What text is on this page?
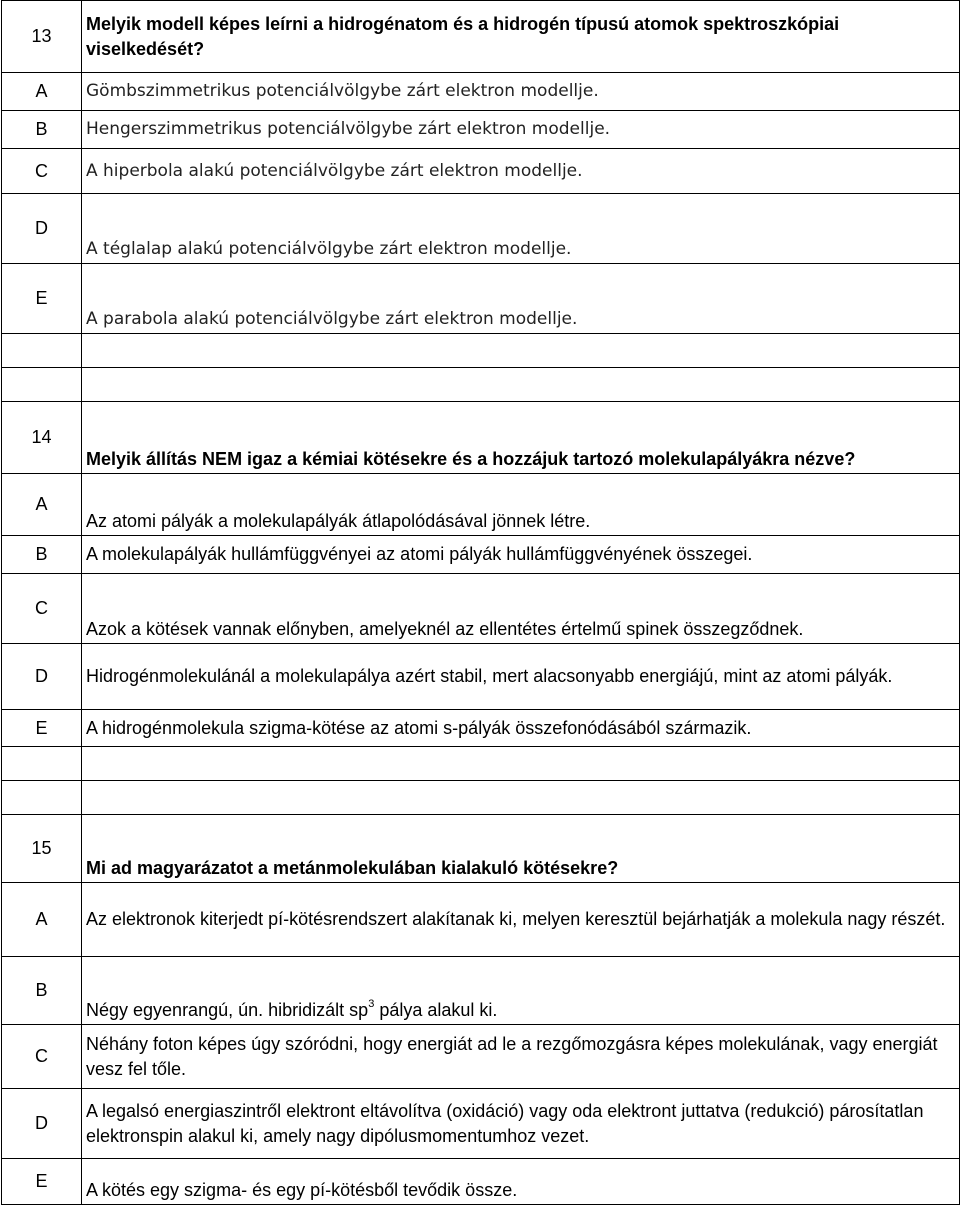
13	Melyik modell képes leírni a hidrogénatom és a hidrogén típusú atomok spektroszkópiai viselkedését?
A	Gömbszimmetrikus potenciálvölgybe zárt elektron modellje.
B	Hengerszimmetrikus potenciálvölgybe zárt elektron modellje.
C	A hiperbola alakú potenciálvölgybe zárt elektron modellje.
D	A téglalap alakú potenciálvölgybe zárt elektron modellje.
E	A parabola alakú potenciálvölgybe zárt elektron modellje.

14	Melyik állítás NEM igaz a kémiai kötésekre és a hozzájuk tartozó molekulapályákra nézve?
A	Az atomi pályák a molekulapályák átlapolódásával jönnek létre.
B	A molekulapályák hullámfüggvényei az atomi pályák hullámfüggvényének összegei.
C	Azok a kötések vannak előnyben, amelyeknél az ellentétes értelmű spinek összegződnek.
D	Hidrogénmolekulánál a molekulapálya azért stabil, mert alacsonyabb energiájú, mint az atomi pályák.
E	A hidrogénmolekula szigma-kötése az atomi s-pályák összefonódásából származik.

15	Mi ad magyarázatot a metánmolekulában kialakuló kötésekre?
A	Az elektronok kiterjedt pí-kötésrendszert alakítanak ki, melyen keresztül bejárhatják a molekula nagy részét.
B	Négy egyenrangú, ún. hibridizált $sp^3$ pálya alakul ki.
C	Néhány foton képes úgy szóródni, hogy energiát ad le a rezgőmozgásra képes molekulának, vagy energiát vesz fel tőle.
D	A legalsó energiaszintről elektront eltávolítva (oxidáció) vagy oda elektront juttatva (redukció) párosítatlan elektronspin alakul ki, amely nagy dipólusmomentumhoz vezet.
E	A kötés egy szigma- és egy pí-kötésből tevődik össze.
